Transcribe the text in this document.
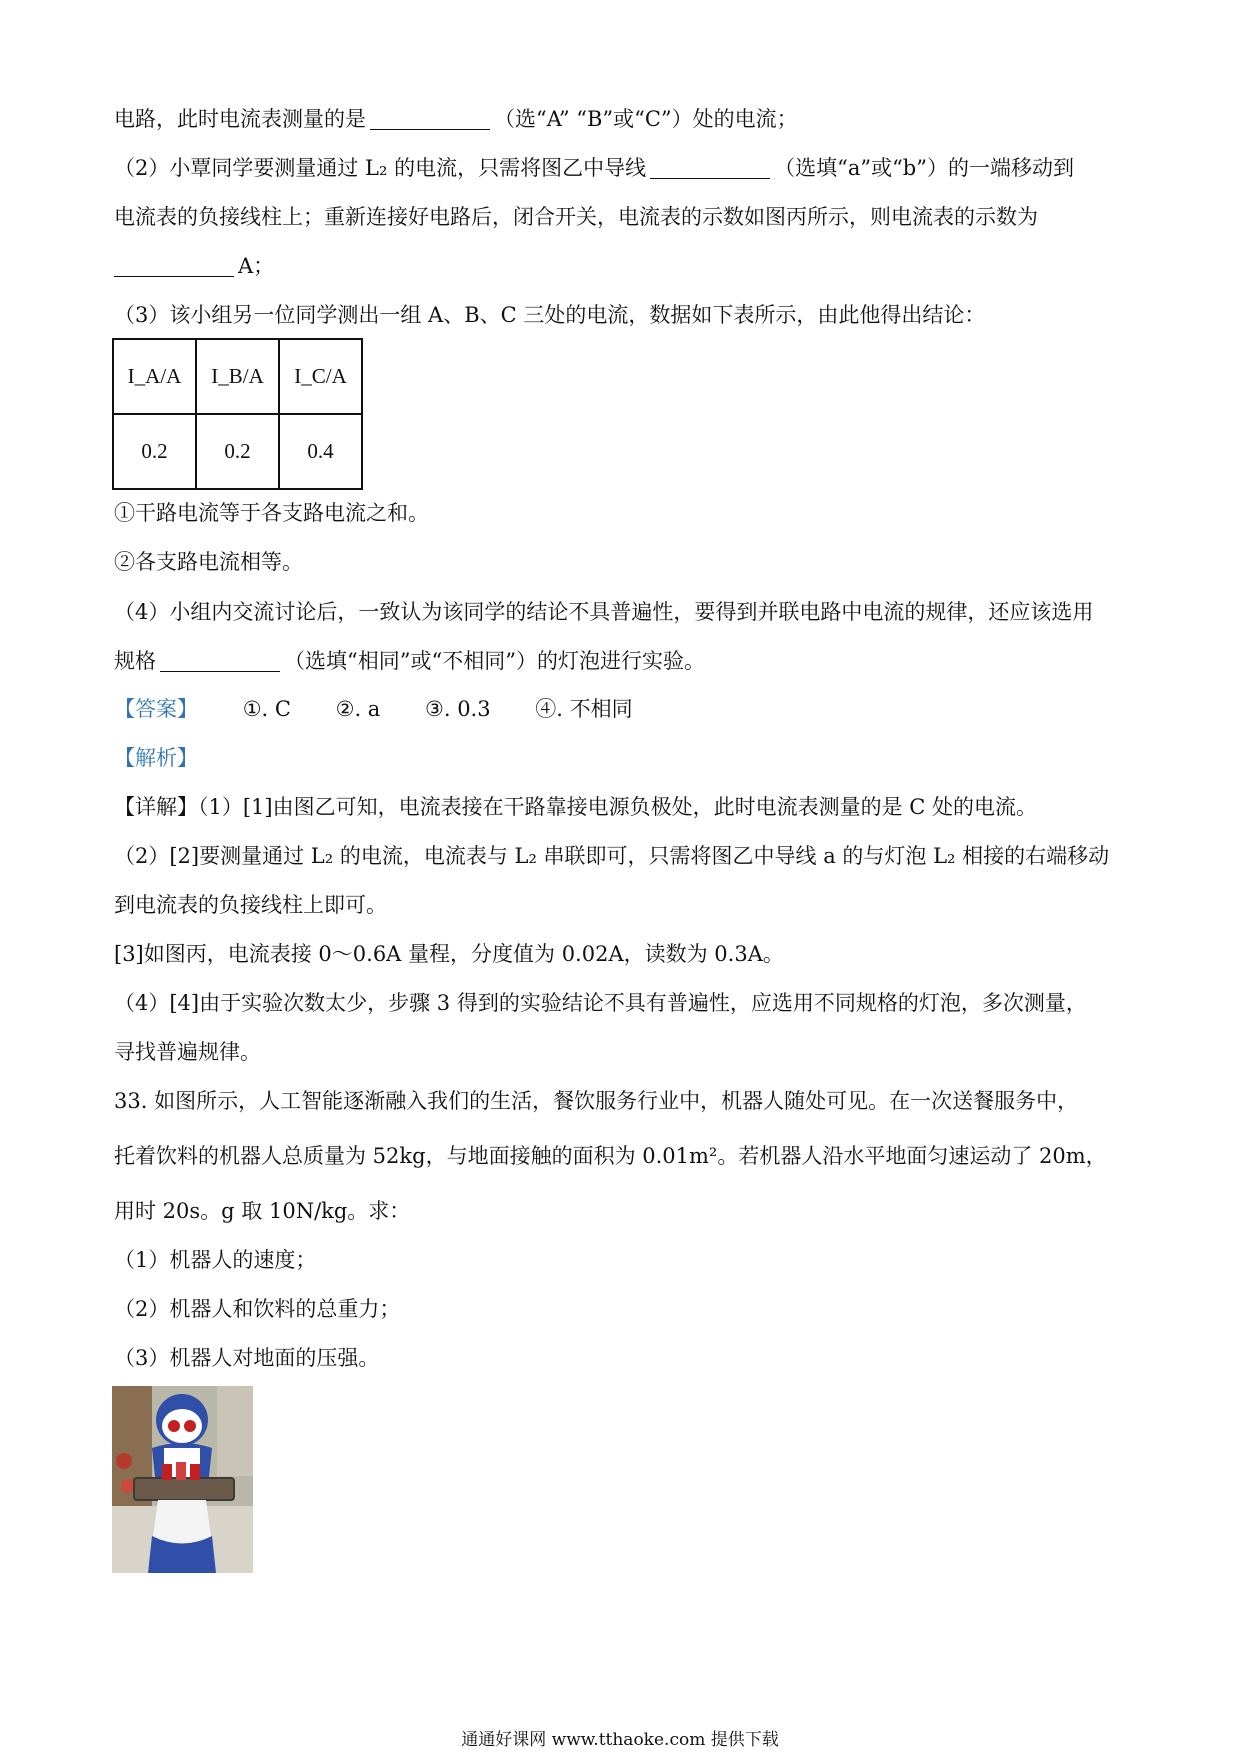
电路，此时电流表测量的是	（选“A” “B”或“C”）处的电流；
（2）小覃同学要测量通过 L₂ 的电流，只需将图乙中导线	（选填“a”或“b”）的一端移动到
电流表的负接线柱上；重新连接好电路后，闭合开关，电流表的示数如图丙所示，则电流表的示数为
A；
（3）该小组另一位同学测出一组 A、B、C 三处的电流，数据如下表所示，由此他得出结论：
I_A/A	I_B/A	I_C/A
0.2	0.2	0.4
①干路电流等于各支路电流之和。
②各支路电流相等。
（4）小组内交流讨论后，一致认为该同学的结论不具普遍性，要得到并联电路中电流的规律，还应该选用
规格	（选填“相同”或“不相同”）的灯泡进行实验。
【答案】 ①. C ②. a ③. 0.3 ④. 不相同
【解析】
【详解】（1）[1]由图乙可知，电流表接在干路靠接电源负极处，此时电流表测量的是 C 处的电流。
（2）[2]要测量通过 L₂ 的电流，电流表与 L₂ 串联即可，只需将图乙中导线 a 的与灯泡 L₂ 相接的右端移动
到电流表的负接线柱上即可。
[3]如图丙，电流表接 0～0.6A 量程，分度值为 0.02A，读数为 0.3A。
（4）[4]由于实验次数太少，步骤 3 得到的实验结论不具有普遍性，应选用不同规格的灯泡，多次测量，
寻找普遍规律。
33. 如图所示，人工智能逐渐融入我们的生活，餐饮服务行业中，机器人随处可见。在一次送餐服务中，
托着饮料的机器人总质量为 52kg，与地面接触的面积为 0.01m²。若机器人沿水平地面匀速运动了 20m，
用时 20s。g 取 10N/kg。求：
（1）机器人的速度；
（2）机器人和饮料的总重力；
（3）机器人对地面的压强。
通通好课网 www.tthaoke.com 提供下载
